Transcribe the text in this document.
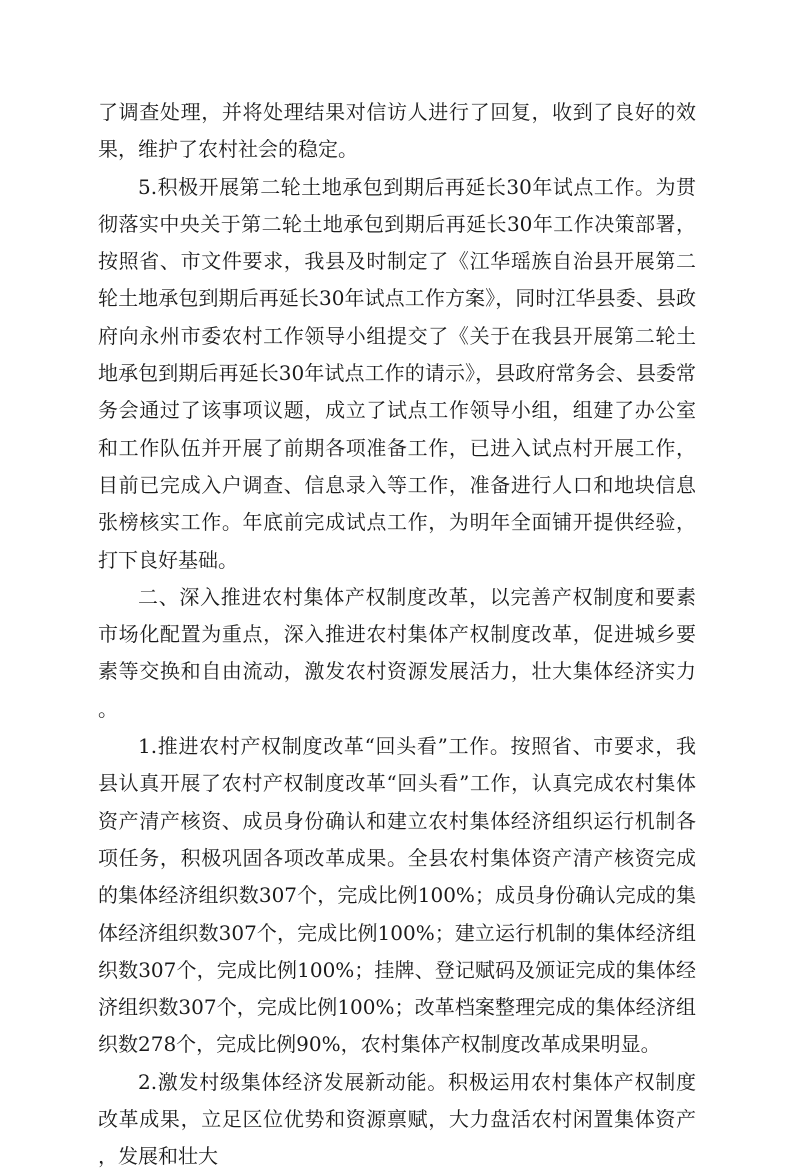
了调查处理，并将处理结果对信访人进行了回复，收到了良好的效果，维护了农村社会的稳定。

5.积极开展第二轮土地承包到期后再延长30年试点工作。为贯彻落实中央关于第二轮土地承包到期后再延长30年工作决策部署，按照省、市文件要求，我县及时制定了《江华瑶族自治县开展第二轮土地承包到期后再延长30年试点工作方案》，同时江华县委、县政府向永州市委农村工作领导小组提交了《关于在我县开展第二轮土地承包到期后再延长30年试点工作的请示》，县政府常务会、县委常务会通过了该事项议题，成立了试点工作领导小组，组建了办公室和工作队伍并开展了前期各项准备工作，已进入试点村开展工作，目前已完成入户调查、信息录入等工作，准备进行人口和地块信息张榜核实工作。年底前完成试点工作，为明年全面铺开提供经验，打下良好基础。

二、深入推进农村集体产权制度改革，以完善产权制度和要素市场化配置为重点，深入推进农村集体产权制度改革，促进城乡要素等交换和自由流动，激发农村资源发展活力，壮大集体经济实力。

1.推进农村产权制度改革“回头看”工作。按照省、市要求，我县认真开展了农村产权制度改革“回头看”工作，认真完成农村集体资产清产核资、成员身份确认和建立农村集体经济组织运行机制各项任务，积极巩固各项改革成果。全县农村集体资产清产核资完成的集体经济组织数307个，完成比例100%；成员身份确认完成的集体经济组织数307个，完成比例100%；建立运行机制的集体经济组织数307个，完成比例100%；挂牌、登记赋码及颁证完成的集体经济组织数307个，完成比例100%；改革档案整理完成的集体经济组织数278个，完成比例90%，农村集体产权制度改革成果明显。

2.激发村级集体经济发展新动能。积极运用农村集体产权制度改革成果，立足区位优势和资源禀赋，大力盘活农村闲置集体资产，发展和壮大
